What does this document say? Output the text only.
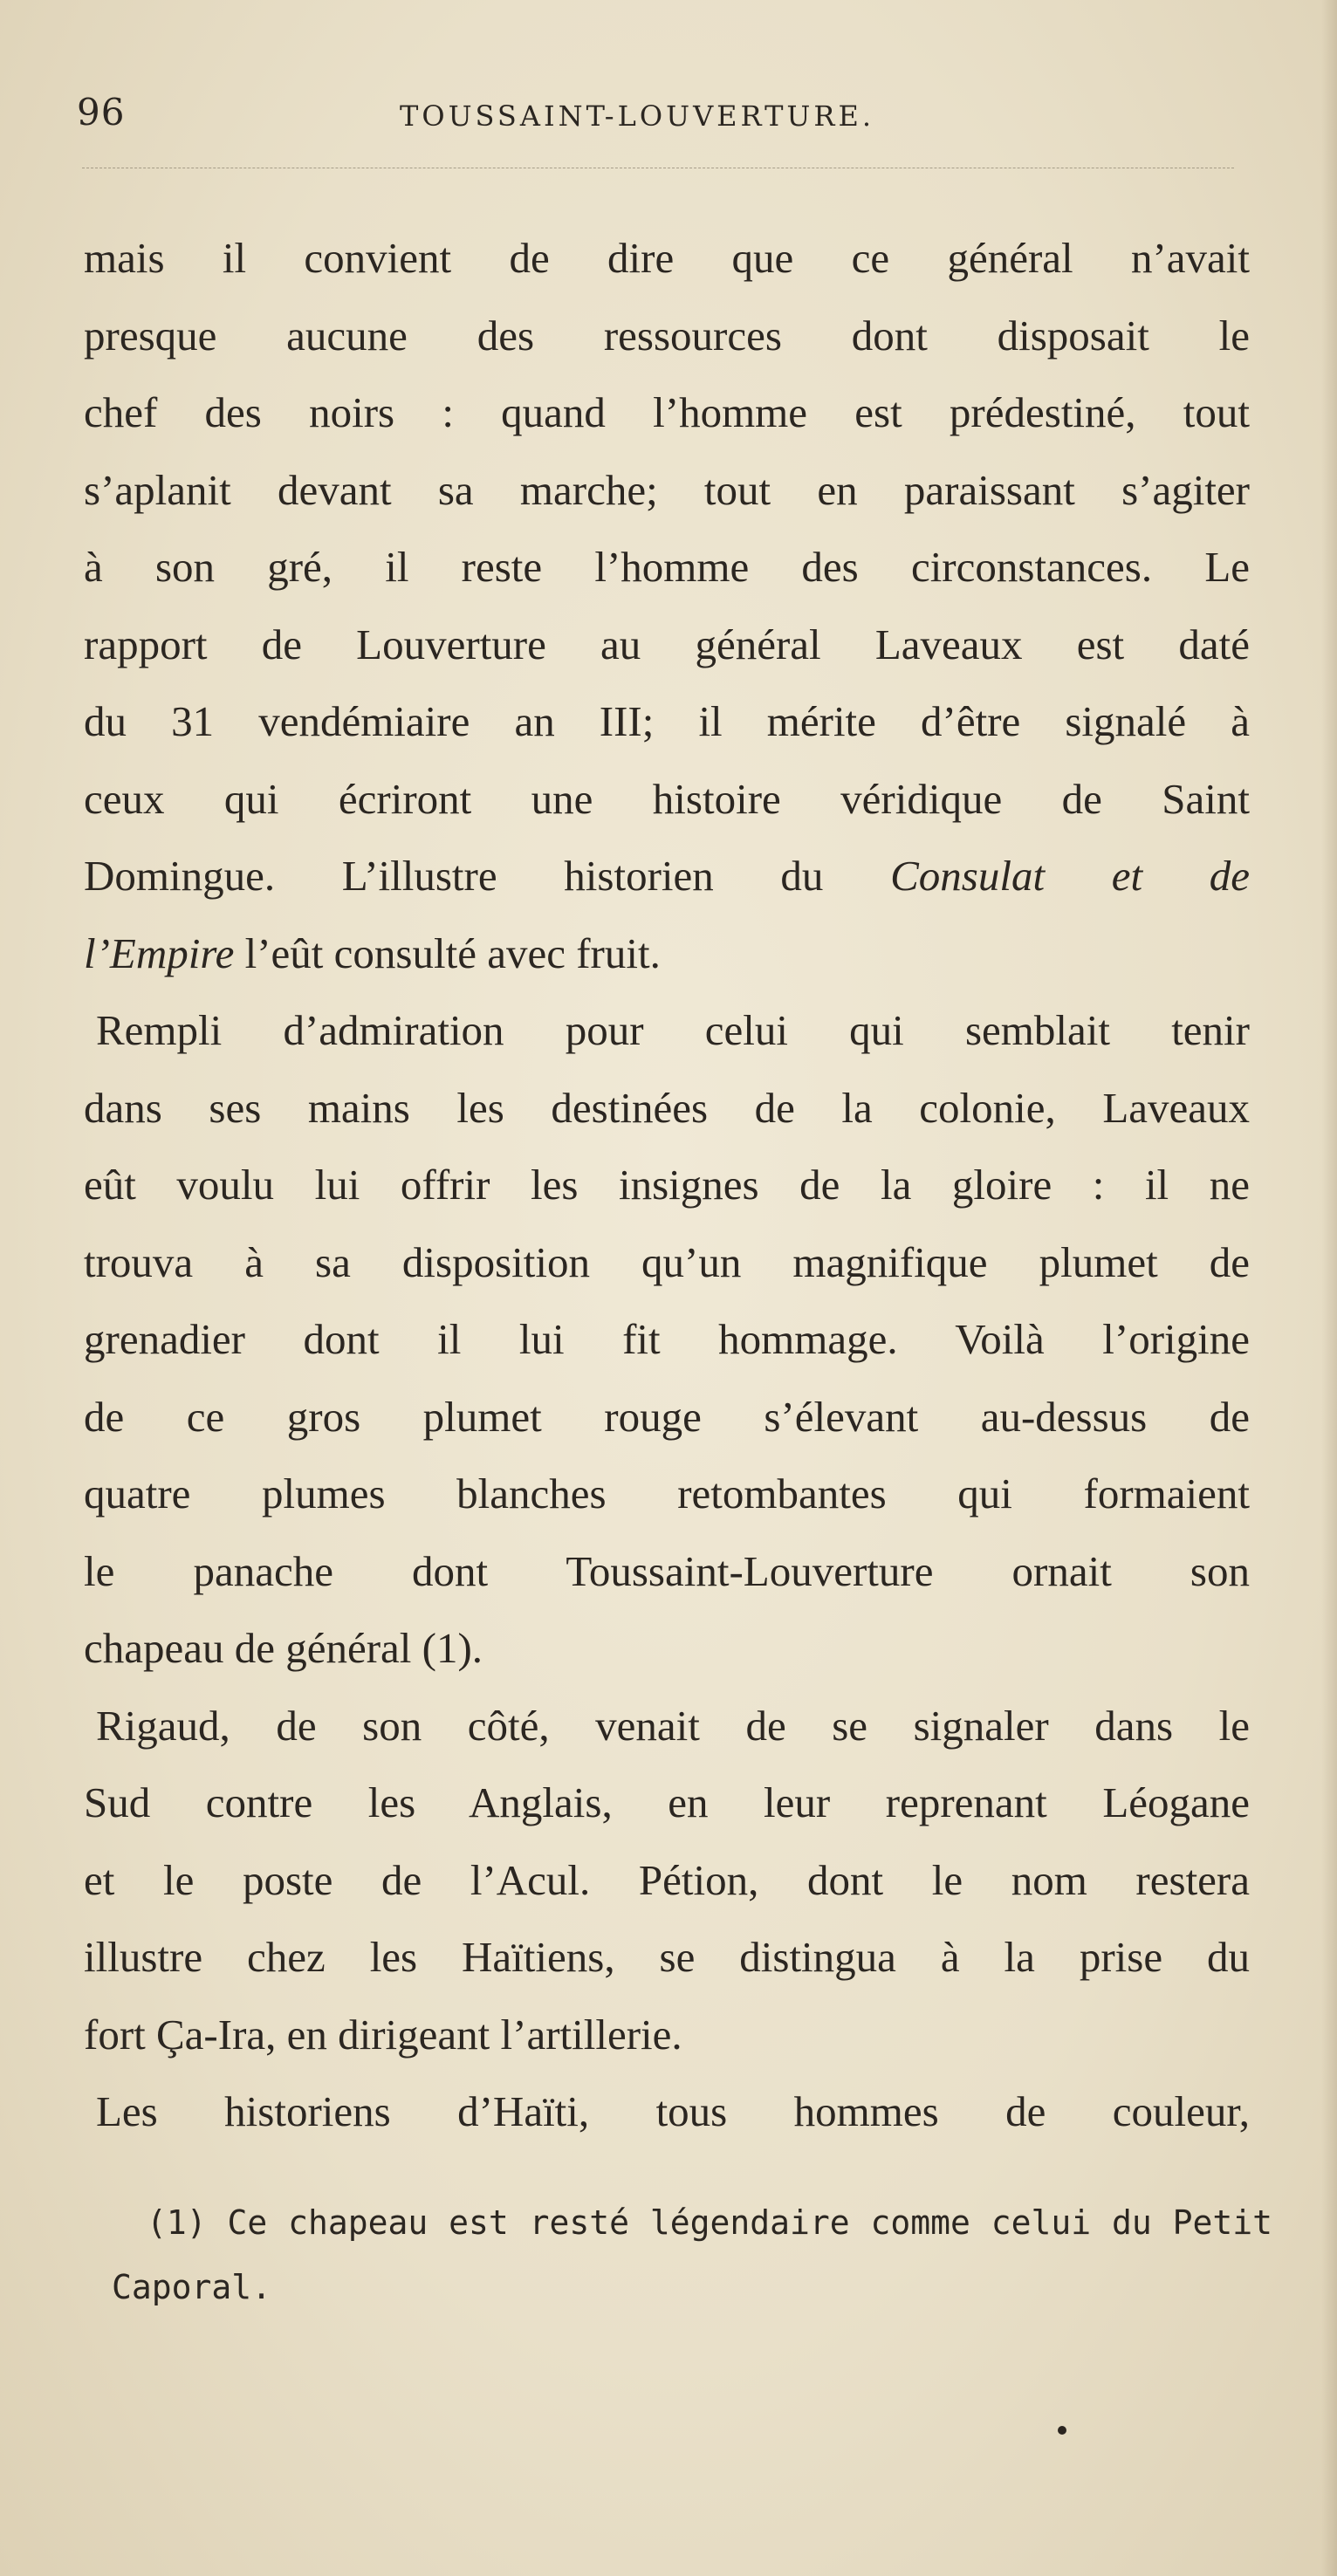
96	TOUSSAINT-LOUVERTURE.
mais il convient de dire que ce général n’avait
presque aucune des ressources dont disposait le
chef des noirs : quand l’homme est prédestiné, tout
s’aplanit devant sa marche; tout en paraissant s’agiter
à son gré, il reste l’homme des circonstances. Le
rapport de Louverture au général Laveaux est daté
du 31 vendémiaire an III; il mérite d’être signalé à
ceux qui écriront une histoire véridique de Saint
Domingue. L’illustre historien du Consulat et de
l’Empire l’eût consulté avec fruit.
Rempli d’admiration pour celui qui semblait tenir
dans ses mains les destinées de la colonie, Laveaux
eût voulu lui offrir les insignes de la gloire : il ne
trouva à sa disposition qu’un magnifique plumet de
grenadier dont il lui fit hommage. Voilà l’origine
de ce gros plumet rouge s’élevant au-dessus de
quatre plumes blanches retombantes qui formaient
le panache dont Toussaint-Louverture ornait son
chapeau de général (1).
Rigaud, de son côté, venait de se signaler dans le
Sud contre les Anglais, en leur reprenant Léogane
et le poste de l’Acul. Pétion, dont le nom restera
illustre chez les Haïtiens, se distingua à la prise du
fort Ça-Ira, en dirigeant l’artillerie.
Les historiens d’Haïti, tous hommes de couleur,
(1) Ce chapeau est resté légendaire comme celui du Petit
Caporal.
